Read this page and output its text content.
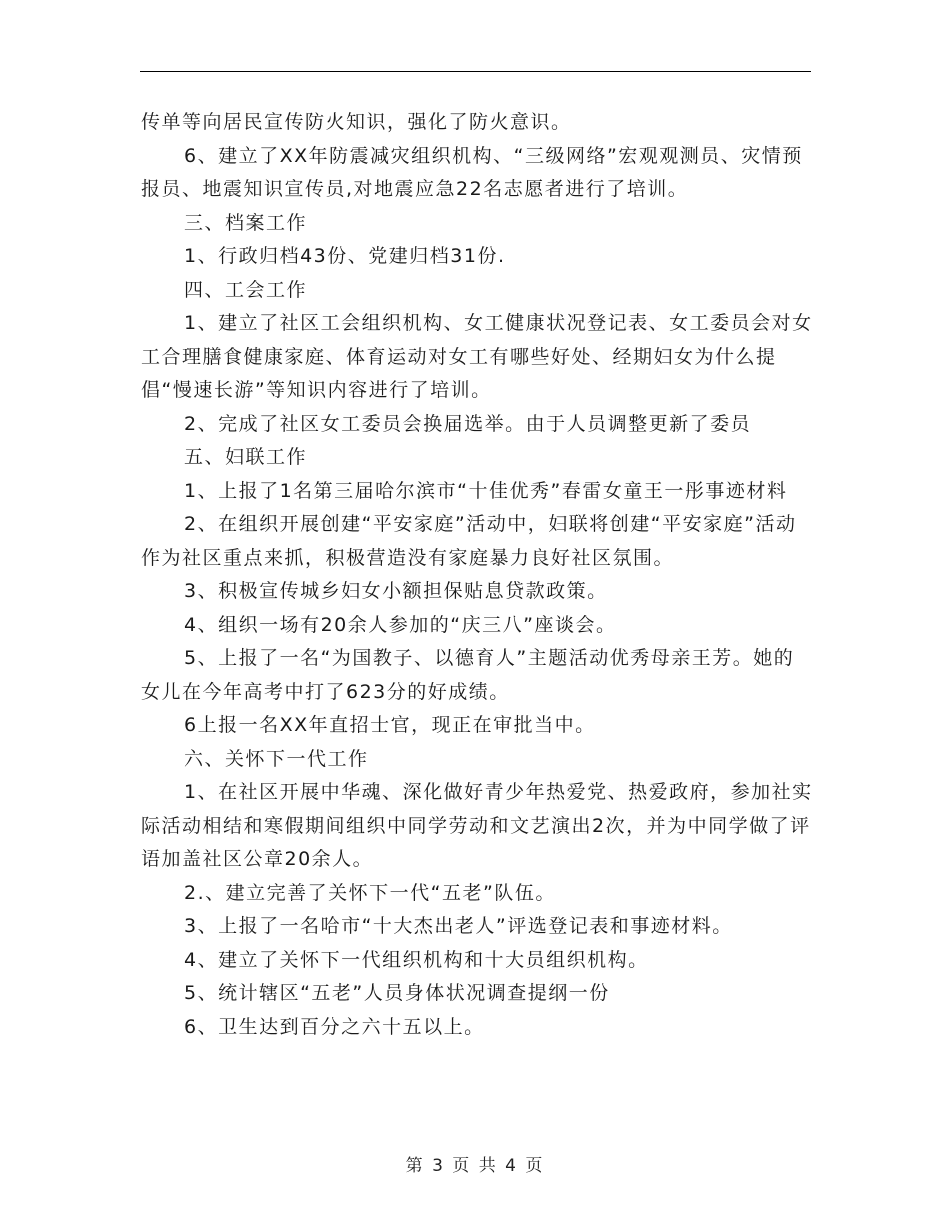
传单等向居民宣传防火知识，强化了防火意识。

6、建立了XX年防震减灾组织机构、“三级网络”宏观观测员、灾情预报员、地震知识宣传员,对地震应急22名志愿者进行了培训。

三、档案工作

1、行政归档43份、党建归档31份.

四、工会工作

1、建立了社区工会组织机构、女工健康状况登记表、女工委员会对女工合理膳食健康家庭、体育运动对女工有哪些好处、经期妇女为什么提倡“慢速长游”等知识内容进行了培训。

2、完成了社区女工委员会换届选举。由于人员调整更新了委员

五、妇联工作

1、上报了1名第三届哈尔滨市“十佳优秀”春雷女童王一彤事迹材料

2、在组织开展创建“平安家庭”活动中，妇联将创建“平安家庭”活动作为社区重点来抓，积极营造没有家庭暴力良好社区氛围。

3、积极宣传城乡妇女小额担保贴息贷款政策。

4、组织一场有20余人参加的“庆三八”座谈会。

5、上报了一名“为国教子、以德育人”主题活动优秀母亲王芳。她的女儿在今年高考中打了623分的好成绩。

6上报一名XX年直招士官，现正在审批当中。

六、关怀下一代工作

1、在社区开展中华魂、深化做好青少年热爱党、热爱政府，参加社实际活动相结和寒假期间组织中同学劳动和文艺演出2次，并为中同学做了评语加盖社区公章20余人。

2.、建立完善了关怀下一代“五老”队伍。

3、上报了一名哈市“十大杰出老人”评选登记表和事迹材料。

4、建立了关怀下一代组织机构和十大员组织机构。

5、统计辖区“五老”人员身体状况调查提纲一份

6、卫生达到百分之六十五以上。

第 3 页 共 4 页
